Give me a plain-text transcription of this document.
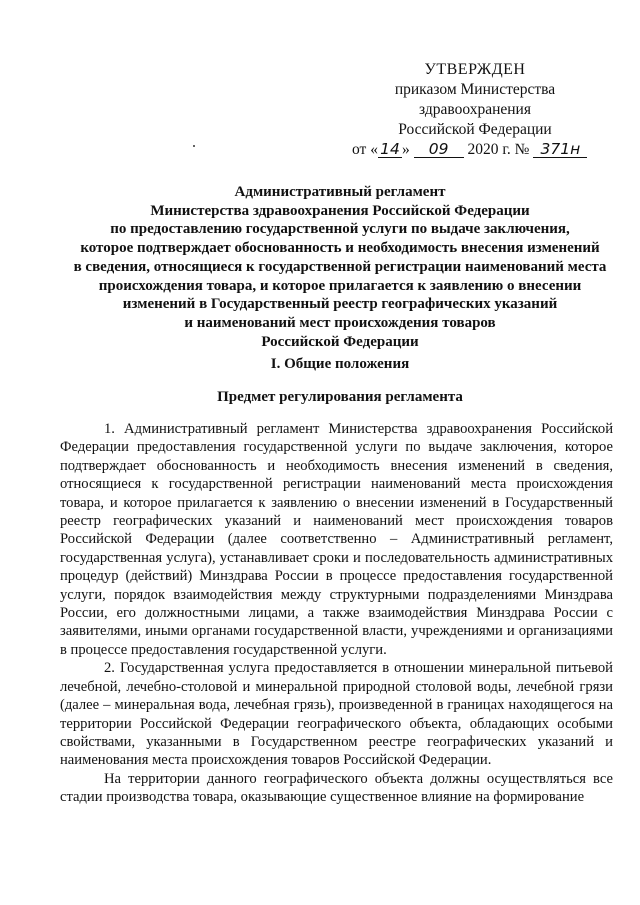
УТВЕРЖДЕН
приказом Министерства здравоохранения
Российской Федерации
от « 14 » 09 2020 г. № 371н
Административный регламент
Министерства здравоохранения Российской Федерации
по предоставлению государственной услуги по выдаче заключения,
которое подтверждает обоснованность и необходимость внесения изменений
в сведения, относящиеся к государственной регистрации наименований места
происхождения товара, и которое прилагается к заявлению о внесении
изменений в Государственный реестр географических указаний
и наименований мест происхождения товаров
Российской Федерации
I. Общие положения
Предмет регулирования регламента

1. Административный регламент Министерства здравоохранения Российской Федерации предоставления государственной услуги по выдаче заключения, которое подтверждает обоснованность и необходимость внесения изменений в сведения, относящиеся к государственной регистрации наименований места происхождения товара, и которое прилагается к заявлению о внесении изменений в Государственный реестр географических указаний и наименований мест происхождения товаров Российской Федерации (далее соответственно – Административный регламент, государственная услуга), устанавливает сроки и последовательность административных процедур (действий) Минздрава России в процессе предоставления государственной услуги, порядок взаимодействия между структурными подразделениями Минздрава России, его должностными лицами, а также взаимодействия Минздрава России с заявителями, иными органами государственной власти, учреждениями и организациями в процессе предоставления государственной услуги.

2. Государственная услуга предоставляется в отношении минеральной питьевой лечебной, лечебно-столовой и минеральной природной столовой воды, лечебной грязи (далее – минеральная вода, лечебная грязь), произведенной в границах находящегося на территории Российской Федерации географического объекта, обладающих особыми свойствами, указанными в Государственном реестре географических указаний и наименования места происхождения товаров Российской Федерации.

На территории данного географического объекта должны осуществляться все стадии производства товара, оказывающие существенное влияние на формирование
